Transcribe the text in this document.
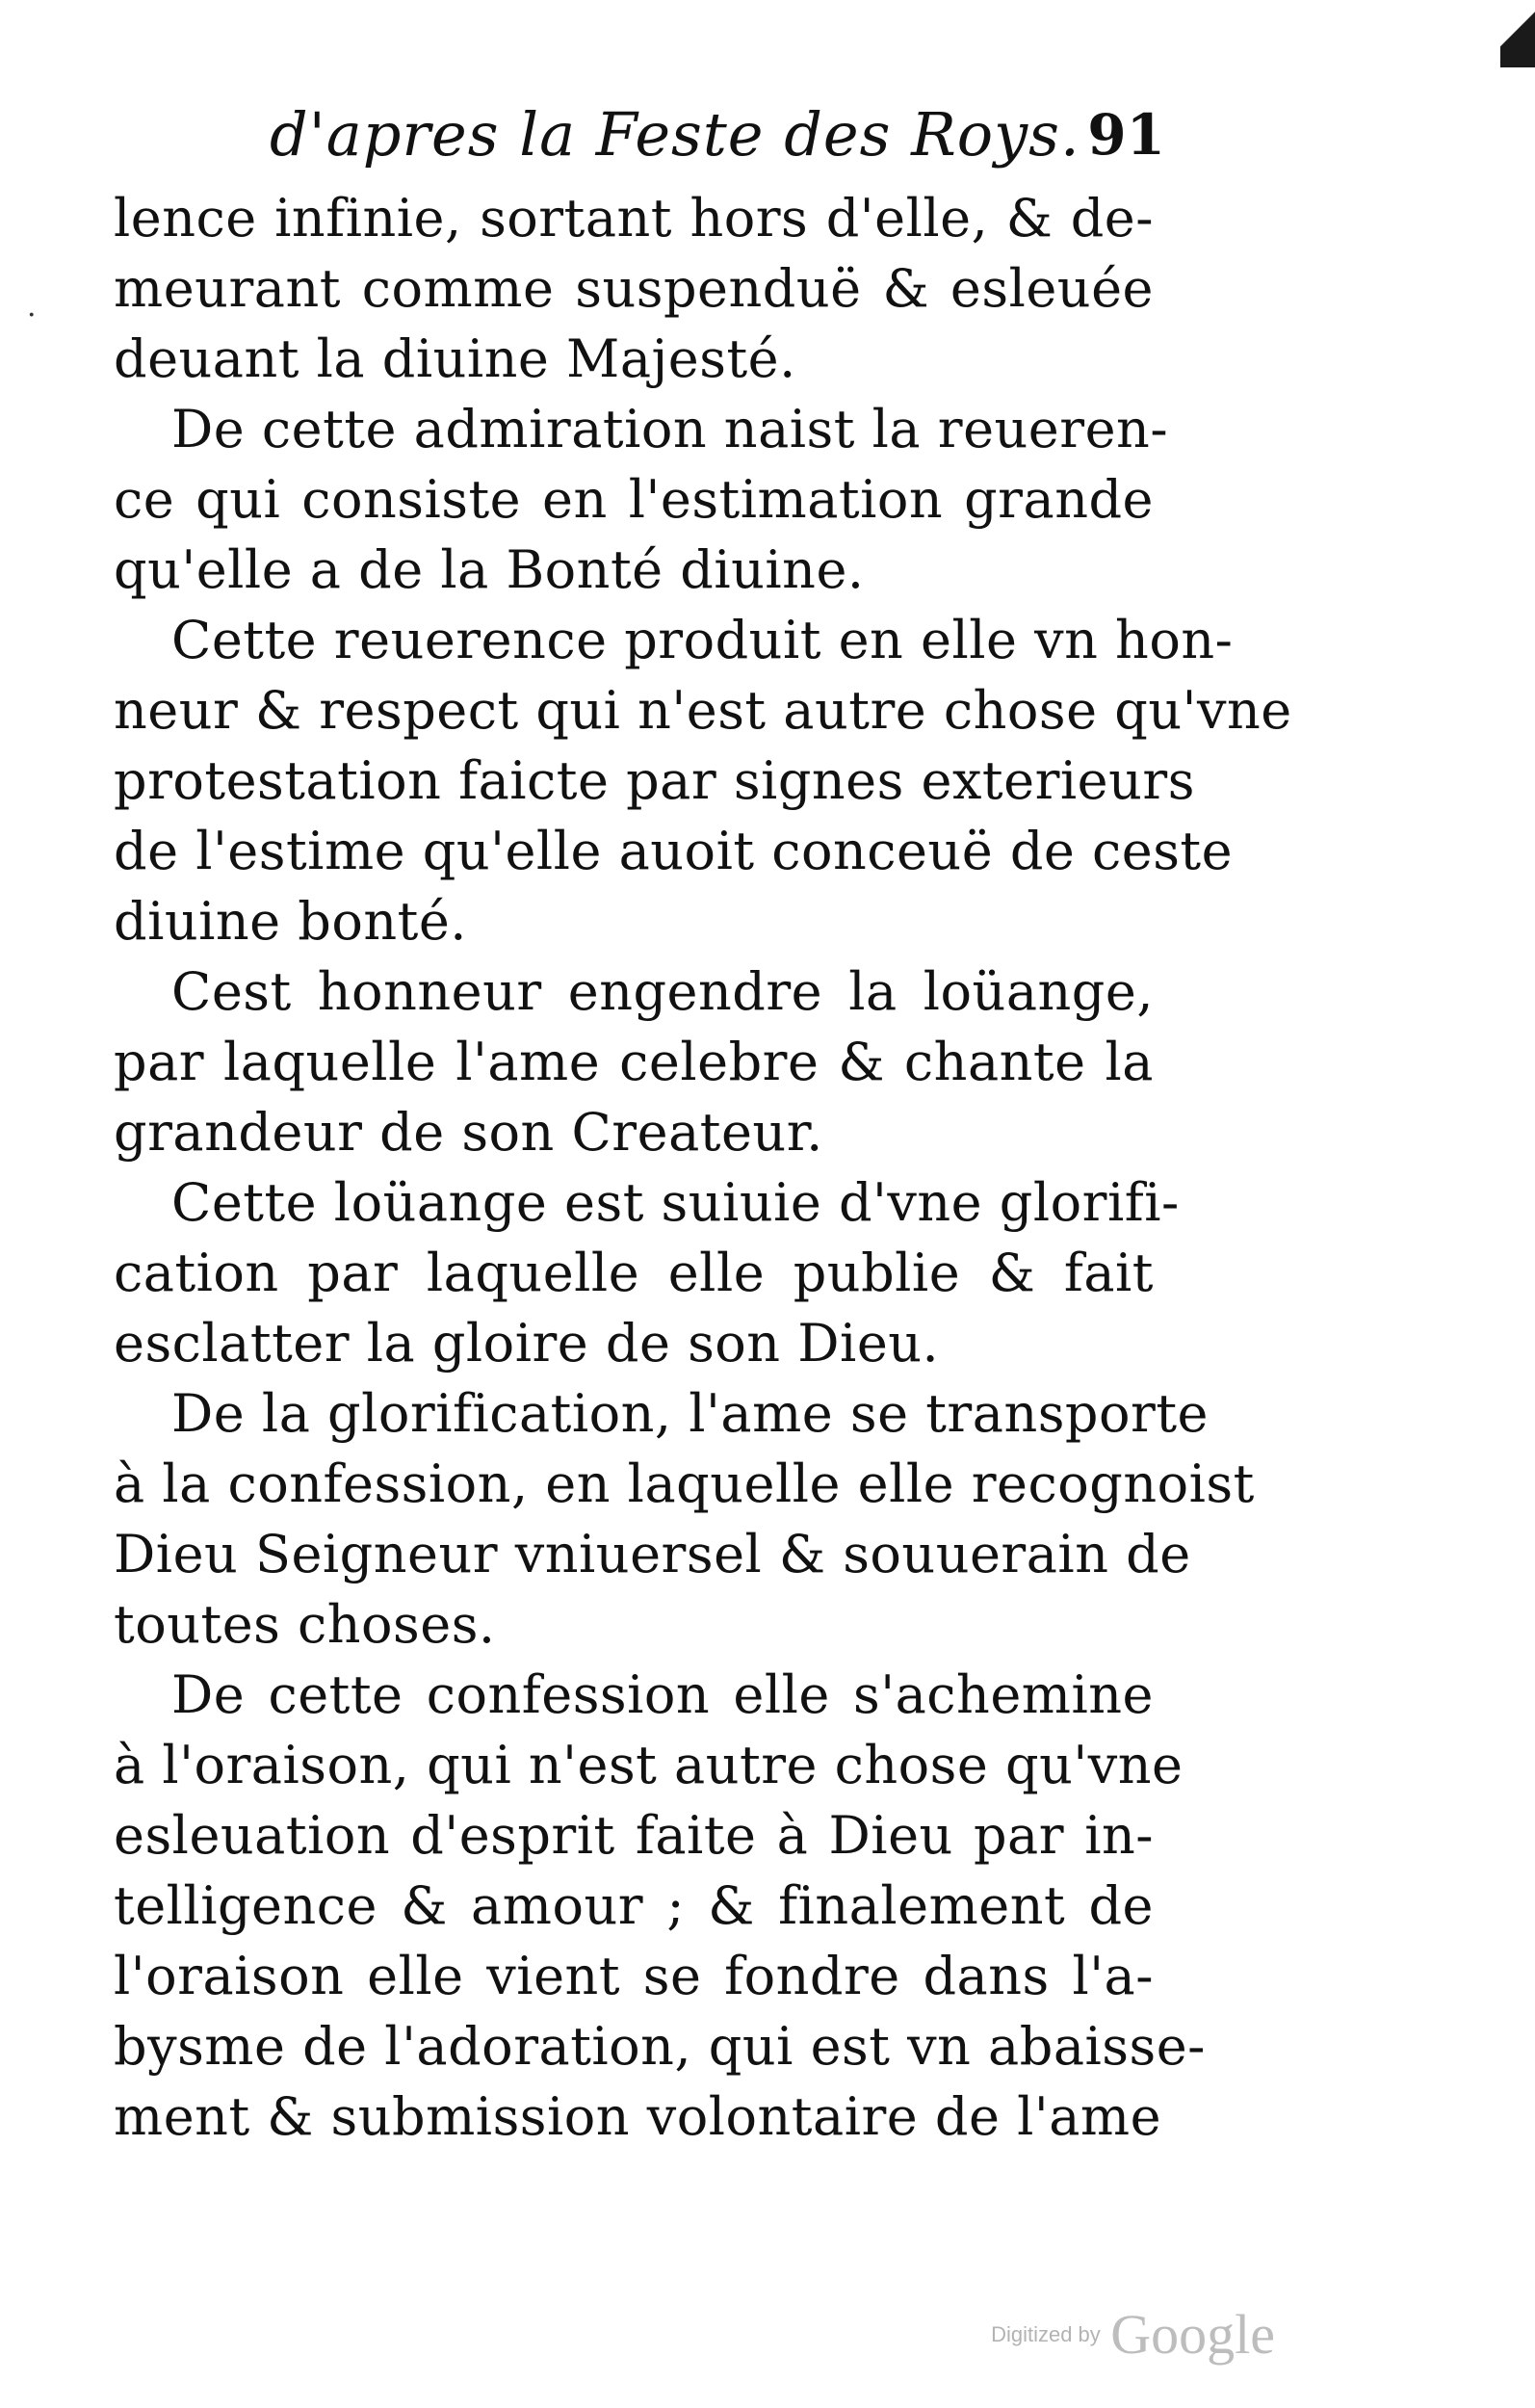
d'apres la Feste des Roys. 91
·
lence infinie, sortant hors d'elle, & de-
meurant comme suspenduë & esleuée
deuant la diuine Majesté.
De cette admiration naist la reueren-
ce qui consiste en l'estimation grande
qu'elle a de la Bonté diuine.
Cette reuerence produit en elle vn hon-
neur & respect qui n'est autre chose qu'vne
protestation faicte par signes exterieurs
de l'estime qu'elle auoit conceuë de ceste
diuine bonté.
Cest honneur engendre la loüange,
par laquelle l'ame celebre & chante la
grandeur de son Createur.
Cette loüange est suiuie d'vne glorifi-
cation par laquelle elle publie & fait
esclatter la gloire de son Dieu.
De la glorification, l'ame se transporte
à la confession, en laquelle elle recognoist
Dieu Seigneur vniuersel & souuerain de
toutes choses.
De cette confession elle s'achemine
à l'oraison, qui n'est autre chose qu'vne
esleuation d'esprit faite à Dieu par in-
telligence & amour ; & finalement de
l'oraison elle vient se fondre dans l'a-
bysme de l'adoration, qui est vn abaisse-
ment & submission volontaire de l'ame
Digitized by Google
